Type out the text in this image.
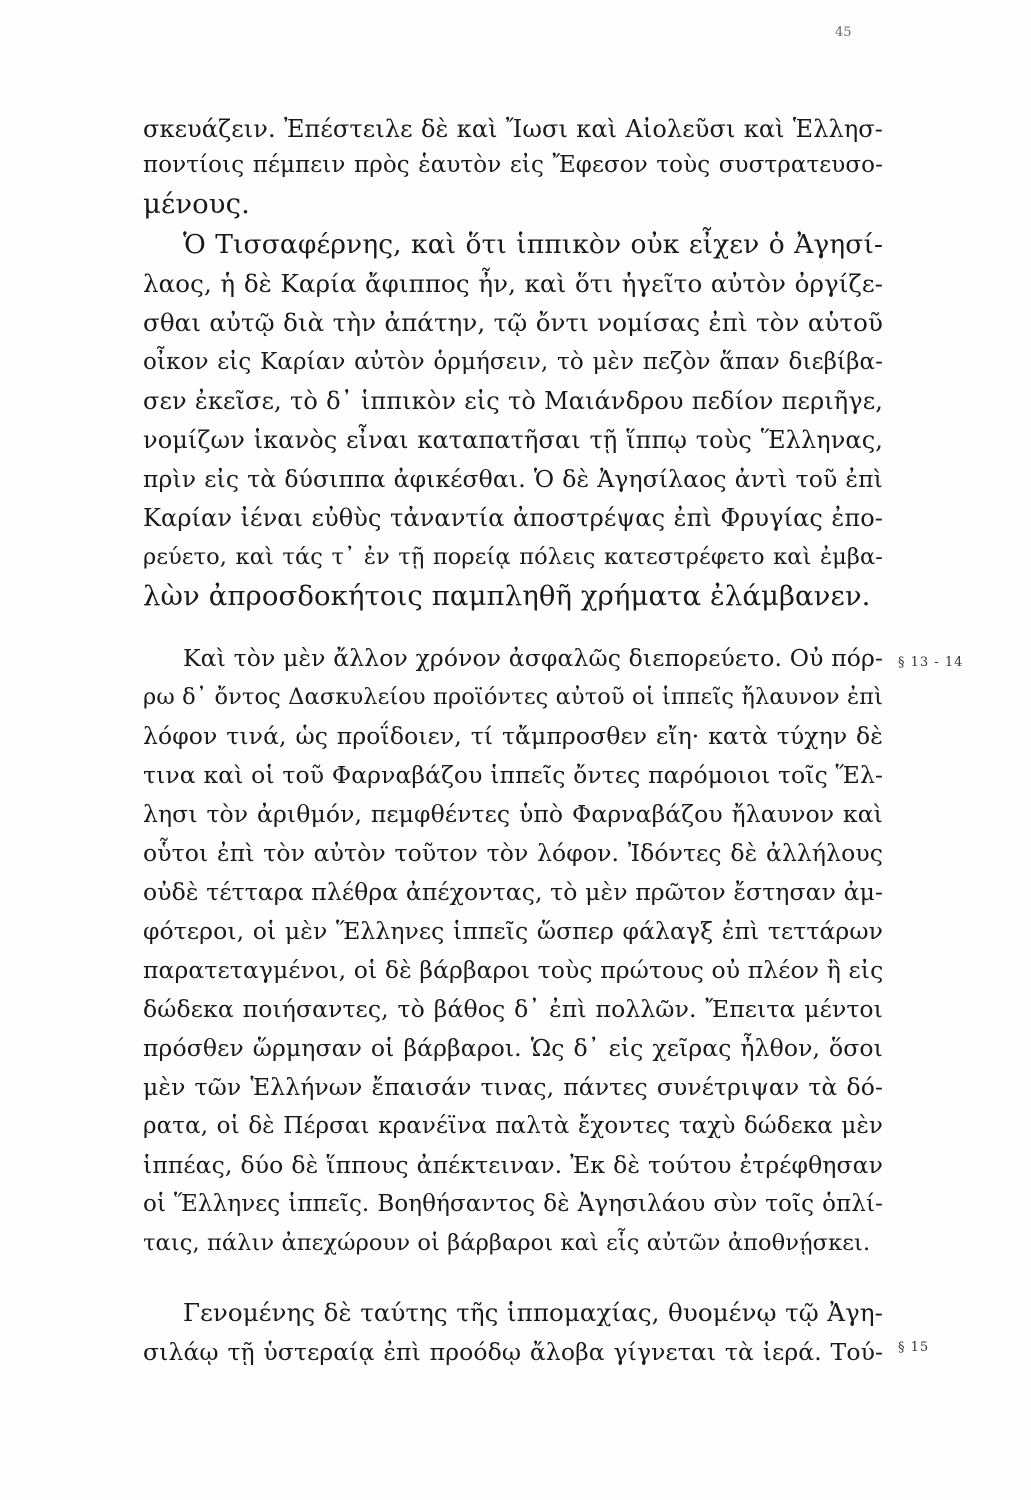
45
σκευάζειν. Ἐπέστειλε δὲ καὶ Ἴωσι καὶ Αἰολεῦσι καὶ Ἑλλησ-
ποντίοις πέμπειν πρὸς ἑαυτὸν εἰς Ἔφεσον τοὺς συστρατευσο-
μένους.
Ὁ Τισσαφέρνης, καὶ ὅτι ἱππικὸν οὐκ εἶχεν ὁ Ἀγησί-
λαος, ἡ δὲ Καρία ἄφιππος ἦν, καὶ ὅτι ἡγεῖτο αὐτὸν ὀργίζε-
σθαι αὐτῷ διὰ τὴν ἀπάτην, τῷ ὄντι νομίσας ἐπὶ τὸν αὑτοῦ
οἶκον εἰς Καρίαν αὐτὸν ὁρμήσειν, τὸ μὲν πεζὸν ἅπαν διεβίβα-
σεν ἐκεῖσε, τὸ δ᾽ ἱππικὸν εἰς τὸ Μαιάνδρου πεδίον περιῆγε,
νομίζων ἱκανὸς εἶναι καταπατῆσαι τῇ ἵππῳ τοὺς Ἕλληνας,
πρὶν εἰς τὰ δύσιππα ἀφικέσθαι. Ὁ δὲ Ἀγησίλαος ἀντὶ τοῦ ἐπὶ
Καρίαν ἰέναι εὐθὺς τἀναντία ἀποστρέψας ἐπὶ Φρυγίας ἐπο-
ρεύετο, καὶ τάς τ᾽ ἐν τῇ πορείᾳ πόλεις κατεστρέφετο καὶ ἐμβα-
λὼν ἀπροσδοκήτοις παμπληθῆ χρήματα ἐλάμβανεν.
Καὶ τὸν μὲν ἄλλον χρόνον ἀσφαλῶς διεπορεύετο. Οὐ πόρ-
ρω δ᾽ ὄντος Δασκυλείου προϊόντες αὐτοῦ οἱ ἱππεῖς ἤλαυνον ἐπὶ
λόφον τινά, ὡς προΐδοιεν, τί τἄμπροσθεν εἴη· κατὰ τύχην δὲ
τινα καὶ οἱ τοῦ Φαρναβάζου ἱππεῖς ὄντες παρόμοιοι τοῖς Ἕλ-
λησι τὸν ἀριθμόν, πεμφθέντες ὑπὸ Φαρναβάζου ἤλαυνον καὶ
οὗτοι ἐπὶ τὸν αὐτὸν τοῦτον τὸν λόφον. Ἰδόντες δὲ ἀλλήλους
οὐδὲ τέτταρα πλέθρα ἀπέχοντας, τὸ μὲν πρῶτον ἔστησαν ἀμ-
φότεροι, οἱ μὲν Ἕλληνες ἱππεῖς ὥσπερ φάλαγξ ἐπὶ τεττάρων
παρατεταγμένοι, οἱ δὲ βάρβαροι τοὺς πρώτους οὐ πλέον ἢ εἰς
δώδεκα ποιήσαντες, τὸ βάθος δ᾽ ἐπὶ πολλῶν. Ἔπειτα μέντοι
πρόσθεν ὥρμησαν οἱ βάρβαροι. Ὡς δ᾽ εἰς χεῖρας ἦλθον, ὅσοι
μὲν τῶν Ἑλλήνων ἔπαισάν τινας, πάντες συνέτριψαν τὰ δό-
ρατα, οἱ δὲ Πέρσαι κρανέϊνα παλτὰ ἔχοντες ταχὺ δώδεκα μὲν
ἱππέας, δύο δὲ ἵππους ἀπέκτειναν. Ἐκ δὲ τούτου ἐτρέφθησαν
οἱ Ἕλληνες ἱππεῖς. Βοηθήσαντος δὲ Ἀγησιλάου σὺν τοῖς ὁπλί-
ταις, πάλιν ἀπεχώρουν οἱ βάρβαροι καὶ εἷς αὐτῶν ἀποθνῄσκει.
Γενομένης δὲ ταύτης τῆς ἱππομαχίας, θυομένῳ τῷ Ἀγη-
σιλάῳ τῇ ὑστεραίᾳ ἐπὶ προόδῳ ἄλοβα γίγνεται τὰ ἱερά. Τού-
§ 13 - 14
§ 15
